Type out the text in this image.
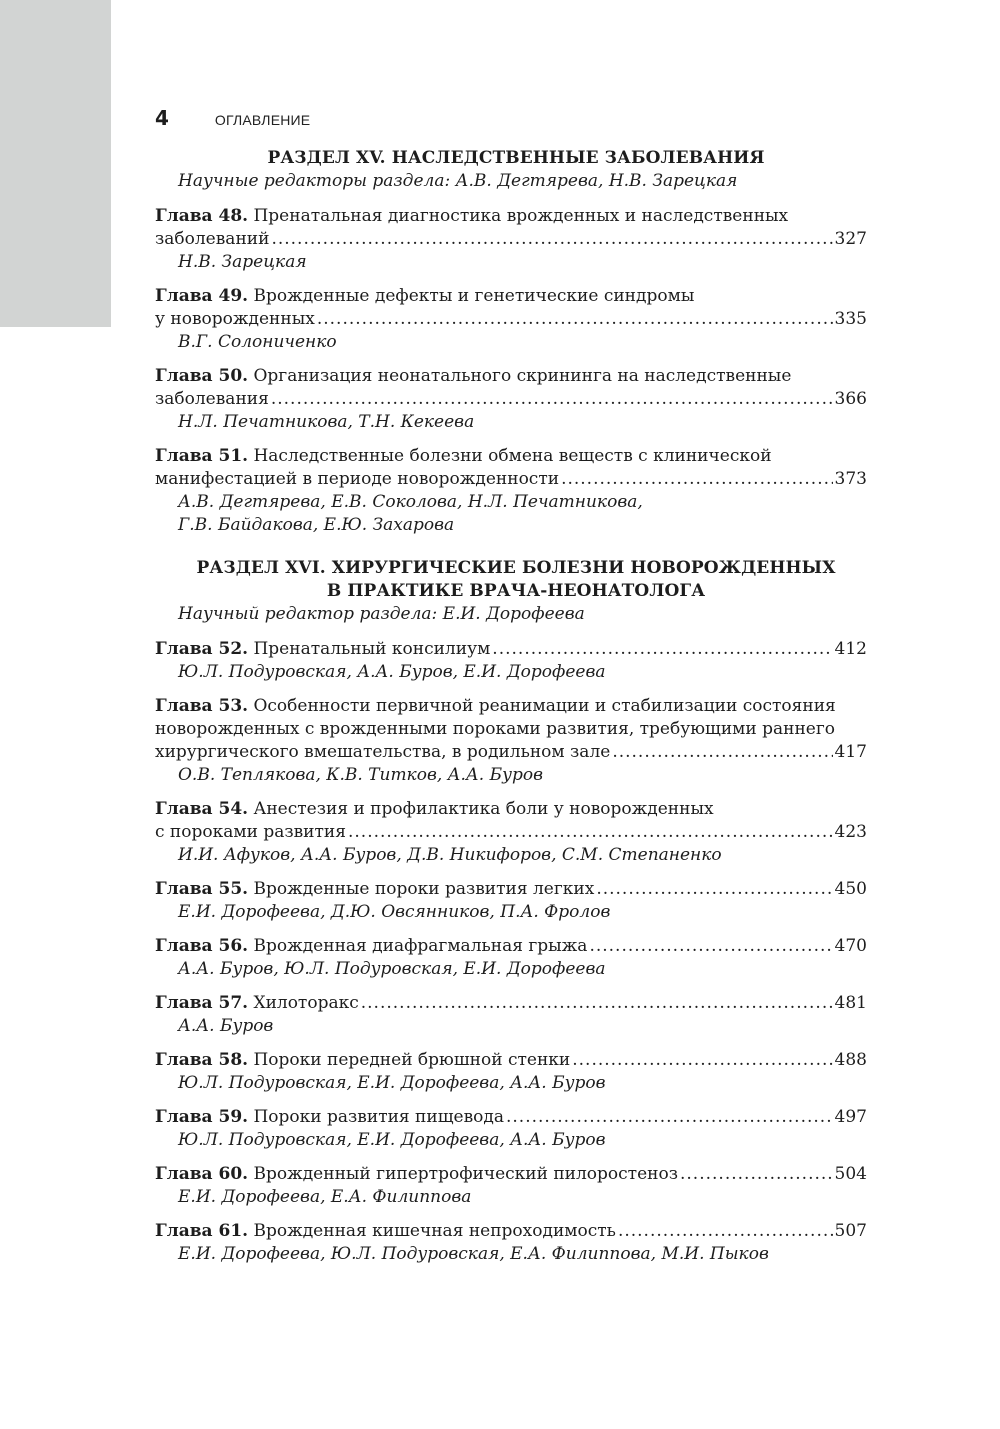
4	ОГЛАВЛЕНИЕ
РАЗДЕЛ XV. НАСЛЕДСТВЕННЫЕ ЗАБОЛЕВАНИЯ
Научные редакторы раздела: А.В. Дегтярева, Н.В. Зарецкая
Глава 48. Пренатальная диагностика врожденных и наследственных
заболеваний .....	327
Н.В. Зарецкая
Глава 49. Врожденные дефекты и генетические синдромы
у новорожденных .....	335
В.Г. Солониченко
Глава 50. Организация неонатального скрининга на наследственные
заболевания .....	366
Н.Л. Печатникова, Т.Н. Кекеева
Глава 51. Наследственные болезни обмена веществ с клинической
манифестацией в периоде новорожденности .....	373
А.В. Дегтярева, Е.В. Соколова, Н.Л. Печатникова,
Г.В. Байдакова, Е.Ю. Захарова
РАЗДЕЛ XVI. ХИРУРГИЧЕСКИЕ БОЛЕЗНИ НОВОРОЖДЕННЫХ
В ПРАКТИКЕ ВРАЧА-НЕОНАТОЛОГА
Научный редактор раздела: Е.И. Дорофеева
Глава 52. Пренатальный консилиум .....	412
Ю.Л. Подуровская, А.А. Буров, Е.И. Дорофеева
Глава 53. Особенности первичной реанимации и стабилизации состояния
новорожденных с врожденными пороками развития, требующими раннего
хирургического вмешательства, в родильном зале .....	417
О.В. Теплякова, К.В. Титков, А.А. Буров
Глава 54. Анестезия и профилактика боли у новорожденных
с пороками развития .....	423
И.И. Афуков, А.А. Буров, Д.В. Никифоров, С.М. Степаненко
Глава 55. Врожденные пороки развития легких .....	450
Е.И. Дорофеева, Д.Ю. Овсянников, П.А. Фролов
Глава 56. Врожденная диафрагмальная грыжа .....	470
А.А. Буров, Ю.Л. Подуровская, Е.И. Дорофеева
Глава 57. Хилоторакс .....	481
А.А. Буров
Глава 58. Пороки передней брюшной стенки .....	488
Ю.Л. Подуровская, Е.И. Дорофеева, А.А. Буров
Глава 59. Пороки развития пищевода .....	497
Ю.Л. Подуровская, Е.И. Дорофеева, А.А. Буров
Глава 60. Врожденный гипертрофический пилоростеноз .....	504
Е.И. Дорофеева, Е.А. Филиппова
Глава 61. Врожденная кишечная непроходимость .....	507
Е.И. Дорофеева, Ю.Л. Подуровская, Е.А. Филиппова, М.И. Пыков
